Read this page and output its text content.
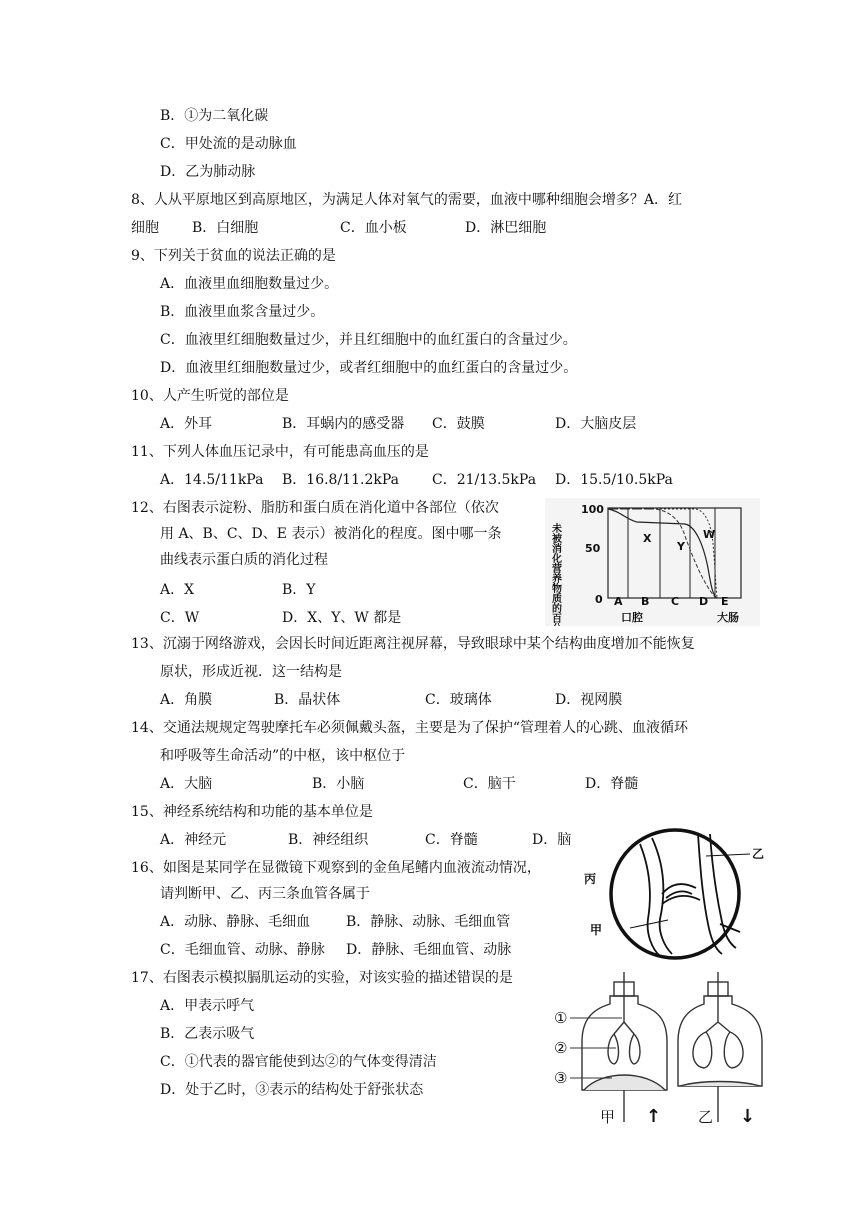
B．①为二氧化碳
C．甲处流的是动脉血
D．乙为肺动脉
8、人从平原地区到高原地区，为满足人体对氧气的需要，血液中哪种细胞会增多？A．红
细胞 B．白细胞	C．血小板	D．淋巴细胞
9、下列关于贫血的说法正确的是
A．血液里血细胞数量过少。
B．血液里血浆含量过少。
C．血液里红细胞数量过少，并且红细胞中的血红蛋白的含量过少。
D．血液里红细胞数量过少，或者红细胞中的血红蛋白的含量过少。
10、人产生听觉的部位是
A．外耳	B．耳蜗内的感受器 C．鼓膜	D．大脑皮层
11、下列人体血压记录中，有可能患高血压的是
A．14.5/11kPa B．16.8/11.2kPa C．21/13.5kPa D．15.5/10.5kPa
12、右图表示淀粉、脂肪和蛋白质在消化道中各部位（依次
用 A、B、C、D、E 表示）被消化的程度。图中哪一条
曲线表示蛋白质的消化过程
A．X	B．Y
C．W	D．X、Y、W 都是	未被消化营养物质的百分比
100
50
0
X
Y
W
A B C D E
口腔	大肠
13、沉溺于网络游戏，会因长时间近距离注视屏幕，导致眼球中某个结构曲度增加不能恢复
原状，形成近视．这一结构是
A．角膜	B．晶状体	C．玻璃体	D．视网膜
14、交通法规规定驾驶摩托车必须佩戴头盔，主要是为了保护“管理着人的心跳、血液循环
和呼吸等生命活动”的中枢，该中枢位于
A．大脑	B．小脑	C．脑干	D．脊髓
15、神经系统结构和功能的基本单位是
A．神经元	B．神经组织	C．脊髓	D．脑
16、如图是某同学在显微镜下观察到的金鱼尾鳍内血液流动情况，
请判断甲、乙、丙三条血管各属于
A．动脉、静脉、毛细血	B．静脉、动脉、毛细血管
C．毛细血管、动脉、静脉 D．静脉、毛细血管、动脉
乙
丙
甲
17、右图表示模拟膈肌运动的实验，对该实验的描述错误的是
A．甲表示呼气
B．乙表示吸气
C．①代表的器官能使到达②的气体变得清洁
D．处于乙时，③表示的结构处于舒张状态
①
②
③
甲 ↑ 乙 ↓
